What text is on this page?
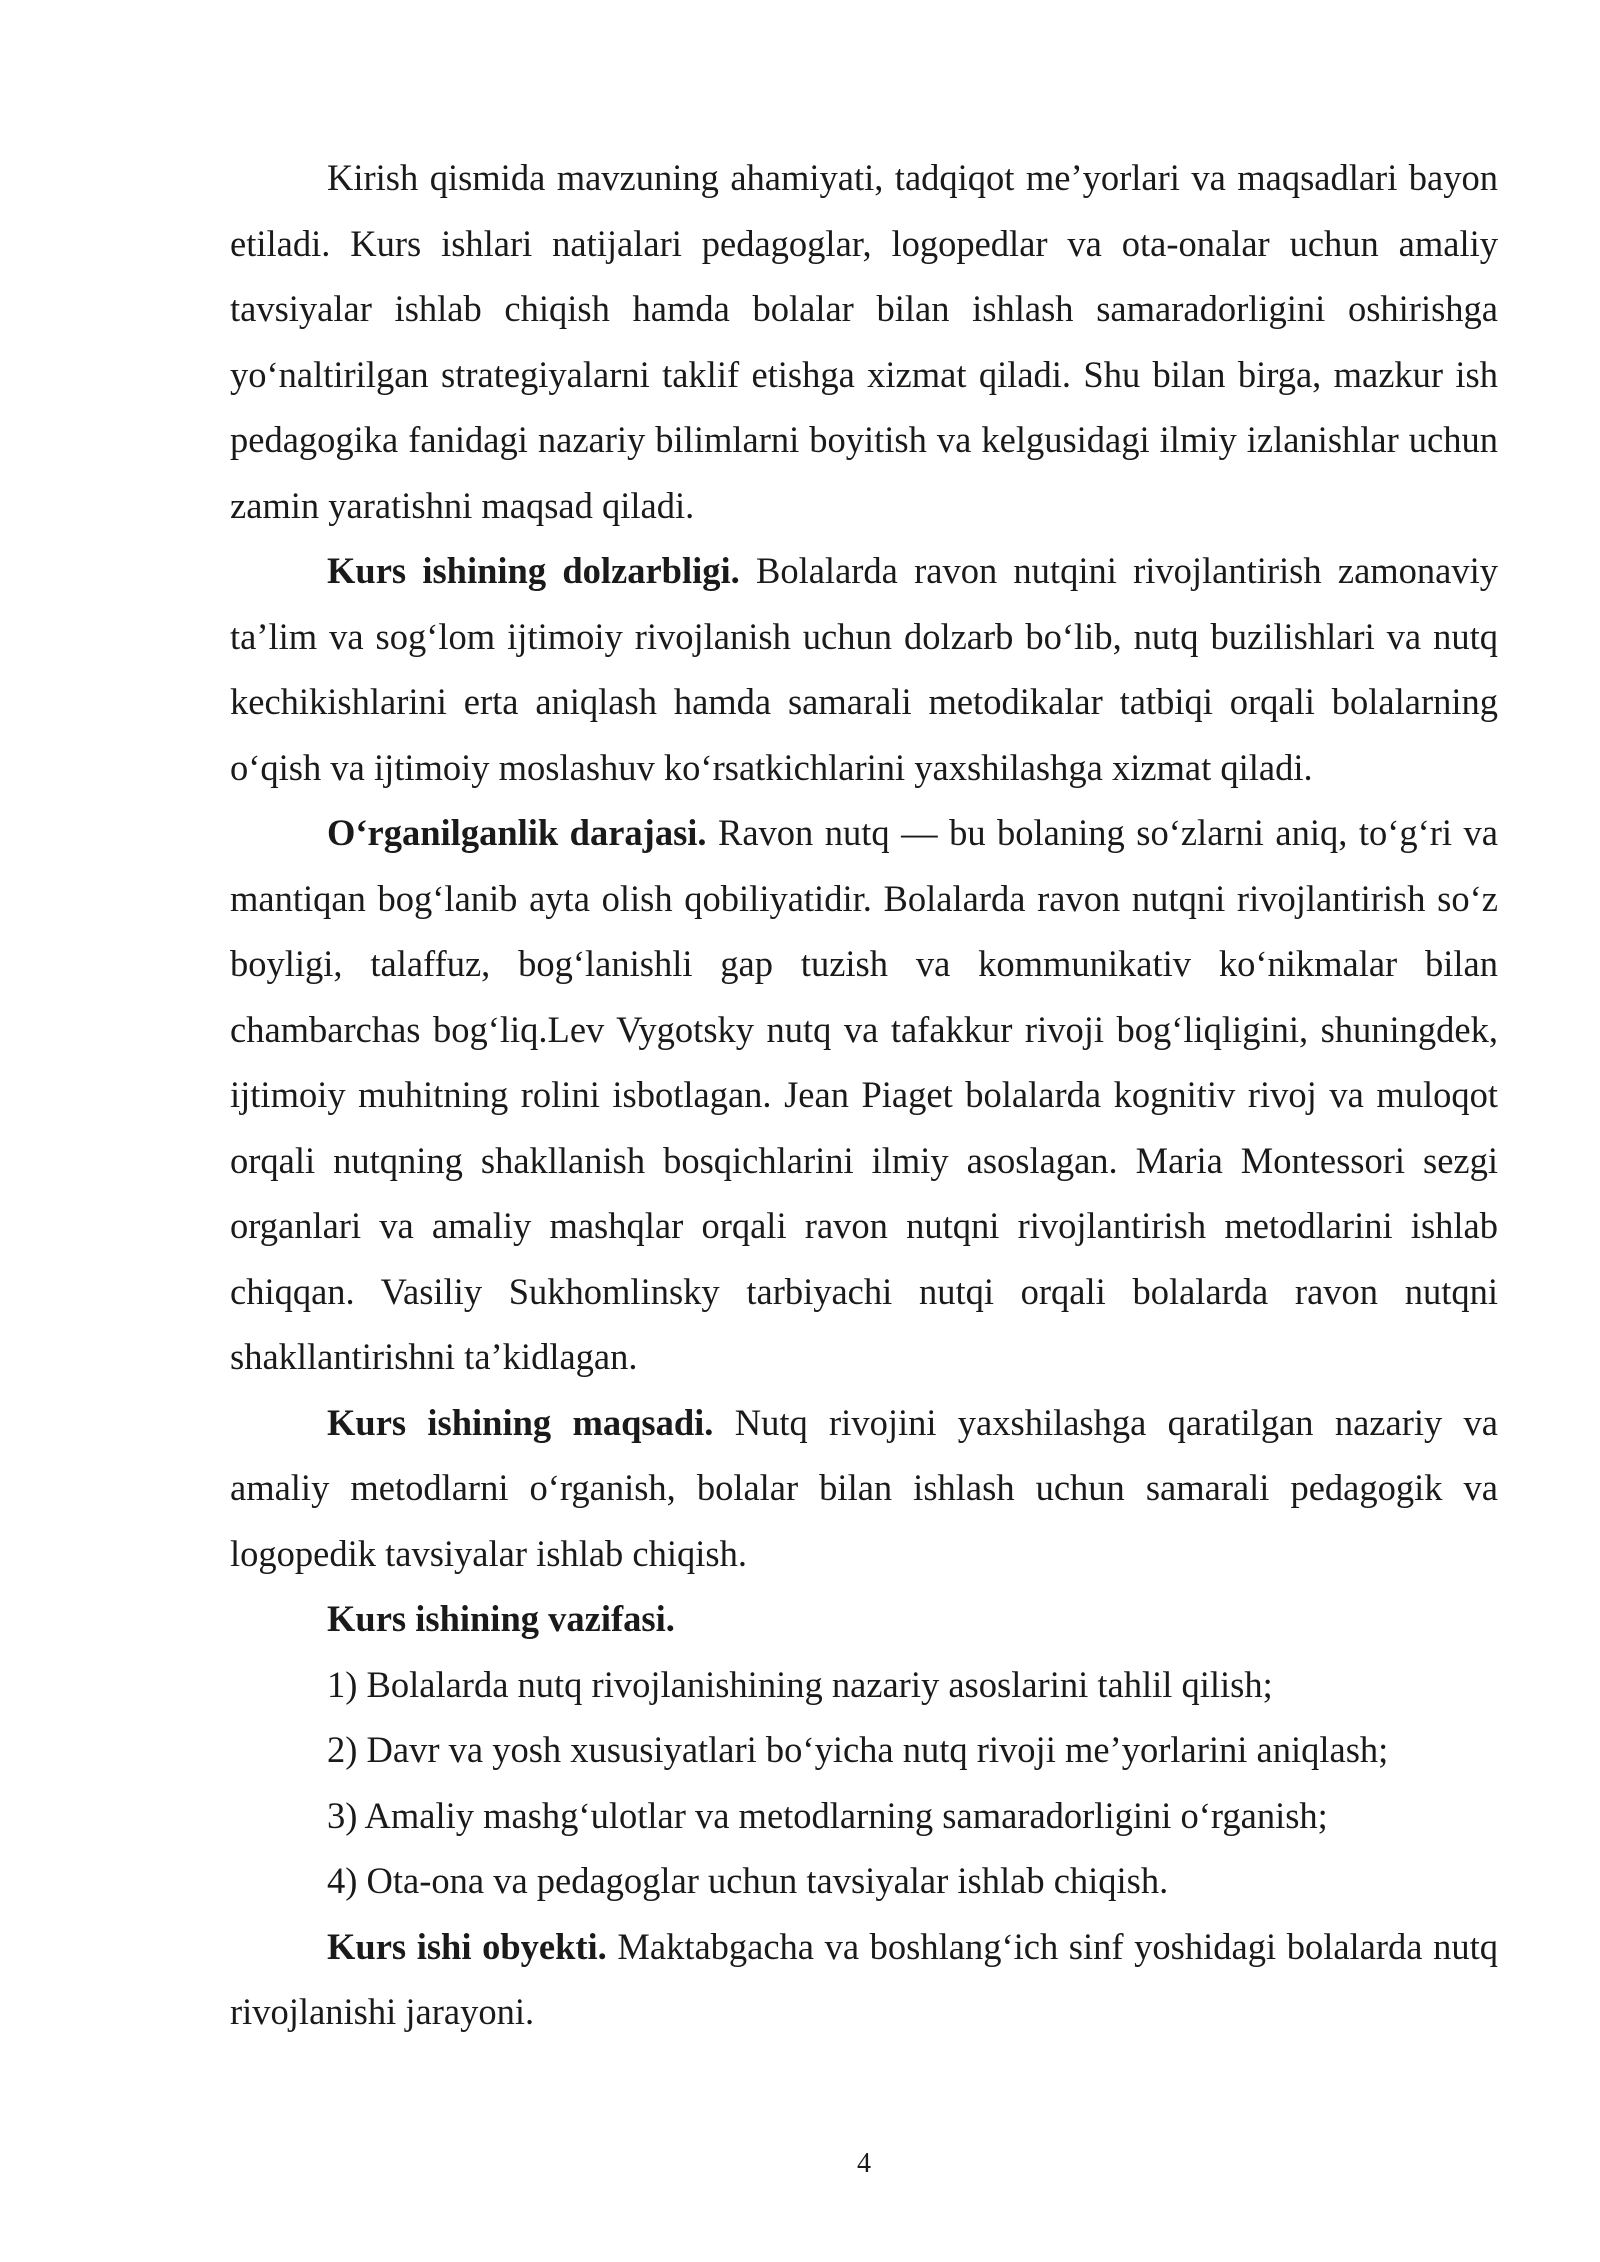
Kirish qismida mavzuning ahamiyati, tadqiqot me’yorlari va maqsadlari bayon etiladi. Kurs ishlari natijalari pedagoglar, logopedlar va ota-onalar uchun amaliy tavsiyalar ishlab chiqish hamda bolalar bilan ishlash samaradorligini oshirishga yo‘naltirilgan strategiyalarni taklif etishga xizmat qiladi. Shu bilan birga, mazkur ish pedagogika fanidagi nazariy bilimlarni boyitish va kelgusidagi ilmiy izlanishlar uchun zamin yaratishni maqsad qiladi.

Kurs ishining dolzarbligi. Bolalarda ravon nutqini rivojlantirish zamonaviy ta’lim va sog‘lom ijtimoiy rivojlanish uchun dolzarb bo‘lib, nutq buzilishlari va nutq kechikishlarini erta aniqlash hamda samarali metodikalar tatbiqi orqali bolalarning o‘qish va ijtimoiy moslashuv ko‘rsatkichlarini yaxshilashga xizmat qiladi.

O‘rganilganlik darajasi. Ravon nutq — bu bolaning so‘zlarni aniq, to‘g‘ri va mantiqan bog‘lanib ayta olish qobiliyatidir. Bolalarda ravon nutqni rivojlantirish so‘z boyligi, talaffuz, bog‘lanishli gap tuzish va kommunikativ ko‘nikmalar bilan chambarchas bog‘liq.Lev Vygotsky nutq va tafakkur rivoji bog‘liqligini, shuningdek, ijtimoiy muhitning rolini isbotlagan. Jean Piaget bolalarda kognitiv rivoj va muloqot orqali nutqning shakllanish bosqichlarini ilmiy asoslagan. Maria Montessori sezgi organlari va amaliy mashqlar orqali ravon nutqni rivojlantirish metodlarini ishlab chiqqan. Vasiliy Sukhomlinsky tarbiyachi nutqi orqali bolalarda ravon nutqni shakllantirishni ta’kidlagan.

Kurs ishining maqsadi. Nutq rivojini yaxshilashga qaratilgan nazariy va amaliy metodlarni o‘rganish, bolalar bilan ishlash uchun samarali pedagogik va logopedik tavsiyalar ishlab chiqish.

Kurs ishining vazifasi.

1) Bolalarda nutq rivojlanishining nazariy asoslarini tahlil qilish;

2) Davr va yosh xususiyatlari bo‘yicha nutq rivoji me’yorlarini aniqlash;

3) Amaliy mashg‘ulotlar va metodlarning samaradorligini o‘rganish;

4) Ota-ona va pedagoglar uchun tavsiyalar ishlab chiqish.

Kurs ishi obyekti. Maktabgacha va boshlang‘ich sinf yoshidagi bolalarda nutq rivojlanishi jarayoni.

4
